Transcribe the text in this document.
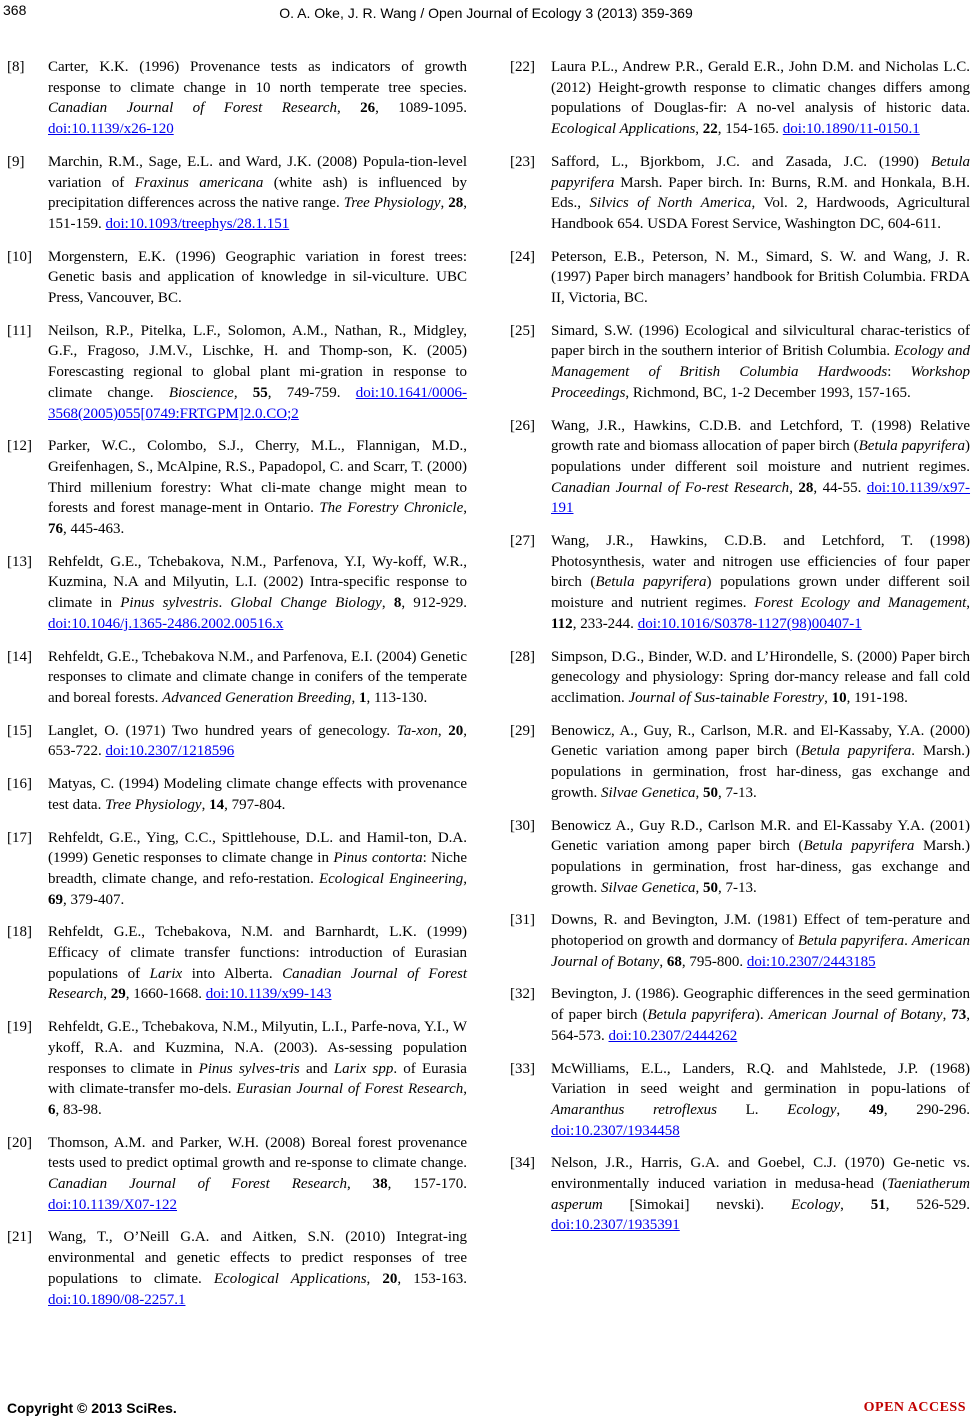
368	O. A. Oke, J. R. Wang / Open Journal of Ecology 3 (2013) 359-369
[8]	Carter, K.K. (1996) Provenance tests as indicators of growth response to climate change in 10 north temperate tree species. Canadian Journal of Forest Research, 26, 1089-1095. doi:10.1139/x26-120
[9]	Marchin, R.M., Sage, E.L. and Ward, J.K. (2008) Popula-tion-level variation of Fraxinus americana (white ash) is influenced by precipitation differences across the native range. Tree Physiology, 28, 151-159. doi:10.1093/treephys/28.1.151
[10]	Morgenstern, E.K. (1996) Geographic variation in forest trees: Genetic basis and application of knowledge in sil-viculture. UBC Press, Vancouver, BC.
[11]	Neilson, R.P., Pitelka, L.F., Solomon, A.M., Nathan, R., Midgley, G.F., Fragoso, J.M.V., Lischke, H. and Thomp-son, K. (2005) Forescasting regional to global plant mi-gration in response to climate change. Bioscience, 55, 749-759. doi:10.1641/0006-3568(2005)055[0749:FRTGPM]2.0.CO;2
[12]	Parker, W.C., Colombo, S.J., Cherry, M.L., Flannigan, M.D., Greifenhagen, S., McAlpine, R.S., Papadopol, C. and Scarr, T. (2000) Third millenium forestry: What cli-mate change might mean to forests and forest manage-ment in Ontario. The Forestry Chronicle, 76, 445-463.
[13]	Rehfeldt, G.E., Tchebakova, N.M., Parfenova, Y.I, Wy-koff, W.R., Kuzmina, N.A and Milyutin, L.I. (2002) Intra-specific response to climate in Pinus sylvestris. Global Change Biology, 8, 912-929. doi:10.1046/j.1365-2486.2002.00516.x
[14]	Rehfeldt, G.E., Tchebakova N.M., and Parfenova, E.I. (2004) Genetic responses to climate and climate change in conifers of the temperate and boreal forests. Advanced Generation Breeding, 1, 113-130.
[15]	Langlet, O. (1971) Two hundred years of genecology. Ta-xon, 20, 653-722. doi:10.2307/1218596
[16]	Matyas, C. (1994) Modeling climate change effects with provenance test data. Tree Physiology, 14, 797-804.
[17]	Rehfeldt, G.E., Ying, C.C., Spittlehouse, D.L. and Hamil-ton, D.A. (1999) Genetic responses to climate change in Pinus contorta: Niche breadth, climate change, and refo-restation. Ecological Engineering, 69, 379-407.
[18]	Rehfeldt, G.E., Tchebakova, N.M. and Barnhardt, L.K. (1999) Efficacy of climate transfer functions: introduction of Eurasian populations of Larix into Alberta. Canadian Journal of Forest Research, 29, 1660-1668. doi:10.1139/x99-143
[19]	Rehfeldt, G.E., Tchebakova, N.M., Milyutin, L.I., Parfe-nova, Y.I., W ykoff, R.A. and Kuzmina, N.A. (2003). As-sessing population responses to climate in Pinus sylves-tris and Larix spp. of Eurasia with climate-transfer mo-dels. Eurasian Journal of Forest Research, 6, 83-98.
[20]	Thomson, A.M. and Parker, W.H. (2008) Boreal forest provenance tests used to predict optimal growth and re-sponse to climate change. Canadian Journal of Forest Research, 38, 157-170. doi:10.1139/X07-122
[21]	Wang, T., O’Neill G.A. and Aitken, S.N. (2010) Integrat-ing environmental and genetic effects to predict responses of tree populations to climate. Ecological Applications, 20, 153-163. doi:10.1890/08-2257.1
[22]	Laura P.L., Andrew P.R., Gerald E.R., John D.M. and Nicholas L.C. (2012) Height-growth response to climatic changes differs among populations of Douglas-fir: A no-vel analysis of historic data. Ecological Applications, 22, 154-165. doi:10.1890/11-0150.1
[23]	Safford, L., Bjorkbom, J.C. and Zasada, J.C. (1990) Betula papyrifera Marsh. Paper birch. In: Burns, R.M. and Honkala, B.H. Eds., Silvics of North America, Vol. 2, Hardwoods, Agricultural Handbook 654. USDA Forest Service, Washington DC, 604-611.
[24]	Peterson, E.B., Peterson, N. M., Simard, S. W. and Wang, J. R. (1997) Paper birch managers’ handbook for British Columbia. FRDA II, Victoria, BC.
[25]	Simard, S.W. (1996) Ecological and silvicultural charac-teristics of paper birch in the southern interior of British Columbia. Ecology and Management of British Columbia Hardwoods: Workshop Proceedings, Richmond, BC, 1-2 December 1993, 157-165.
[26]	Wang, J.R., Hawkins, C.D.B. and Letchford, T. (1998) Relative growth rate and biomass allocation of paper birch (Betula papyrifera) populations under different soil moisture and nutrient regimes. Canadian Journal of Fo-rest Research, 28, 44-55. doi:10.1139/x97-191
[27]	Wang, J.R., Hawkins, C.D.B. and Letchford, T. (1998) Photosynthesis, water and nitrogen use efficiencies of four paper birch (Betula papyrifera) populations grown under different soil moisture and nutrient regimes. Forest Ecology and Management, 112, 233-244. doi:10.1016/S0378-1127(98)00407-1
[28]	Simpson, D.G., Binder, W.D. and L’Hirondelle, S. (2000) Paper birch genecology and physiology: Spring dor-mancy release and fall cold acclimation. Journal of Sus-tainable Forestry, 10, 191-198.
[29]	Benowicz, A., Guy, R., Carlson, M.R. and El-Kassaby, Y.A. (2000) Genetic variation among paper birch (Betula papyrifera. Marsh.) populations in germination, frost har-diness, gas exchange and growth. Silvae Genetica, 50, 7-13.
[30]	Benowicz A., Guy R.D., Carlson M.R. and El-Kassaby Y.A. (2001) Genetic variation among paper birch (Betula papyrifera Marsh.) populations in germination, frost har-diness, gas exchange and growth. Silvae Genetica, 50, 7-13.
[31]	Downs, R. and Bevington, J.M. (1981) Effect of tem-perature and photoperiod on growth and dormancy of Betula papyrifera. American Journal of Botany, 68, 795-800. doi:10.2307/2443185
[32]	Bevington, J. (1986). Geographic differences in the seed germination of paper birch (Betula papyrifera). American Journal of Botany, 73, 564-573. doi:10.2307/2444262
[33]	McWilliams, E.L., Landers, R.Q. and Mahlstede, J.P. (1968) Variation in seed weight and germination in popu-lations of Amaranthus retroflexus L. Ecology, 49, 290-296. doi:10.2307/1934458
[34]	Nelson, J.R., Harris, G.A. and Goebel, C.J. (1970) Ge-netic vs. environmentally induced variation in medusa-head (Taeniatherum asperum [Simokai] nevski). Ecology, 51, 526-529. doi:10.2307/1935391
Copyright © 2013 SciRes.	OPEN ACCESS
